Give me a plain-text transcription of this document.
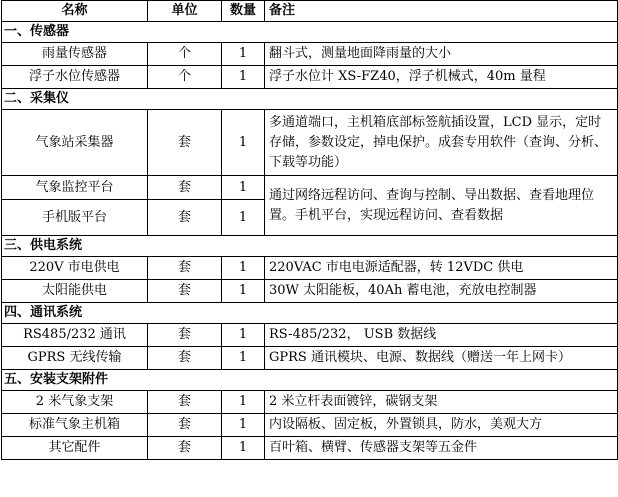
名称	单位	数量	备注
一、传感器			
雨量传感器	个	1	翻斗式，测量地面降雨量的大小
浮子水位传感器	个	1	浮子水位计 XS-FZ40，浮子机械式，40m 量程
二、采集仪			
气象站采集器	套	1	多通道端口，主机箱底部标签航插设置，LCD 显示，定时存储，参数设定，掉电保护。成套专用软件（查询、分析、下载等功能）
气象监控平台	套	1	通过网络远程访问、查询与控制、导出数据、查看地理位置。手机平台，实现远程访问、查看数据
手机版平台	套	1	
三、供电系统			
220V 市电供电	套	1	220VAC 市电电源适配器，转 12VDC 供电
太阳能供电	套	1	30W 太阳能板，40Ah 蓄电池，充放电控制器
四、通讯系统			
RS485/232 通讯	套	1	RS-485/232， USB 数据线
GPRS 无线传输	套	1	GPRS 通讯模块、电源、数据线（赠送一年上网卡）
五、安装支架附件			
2 米气象支架	套	1	2 米立杆表面镀锌，碳钢支架
标准气象主机箱	套	1	内设隔板、固定板，外置锁具，防水，美观大方
其它配件	套	1	百叶箱、横臂、传感器支架等五金件
